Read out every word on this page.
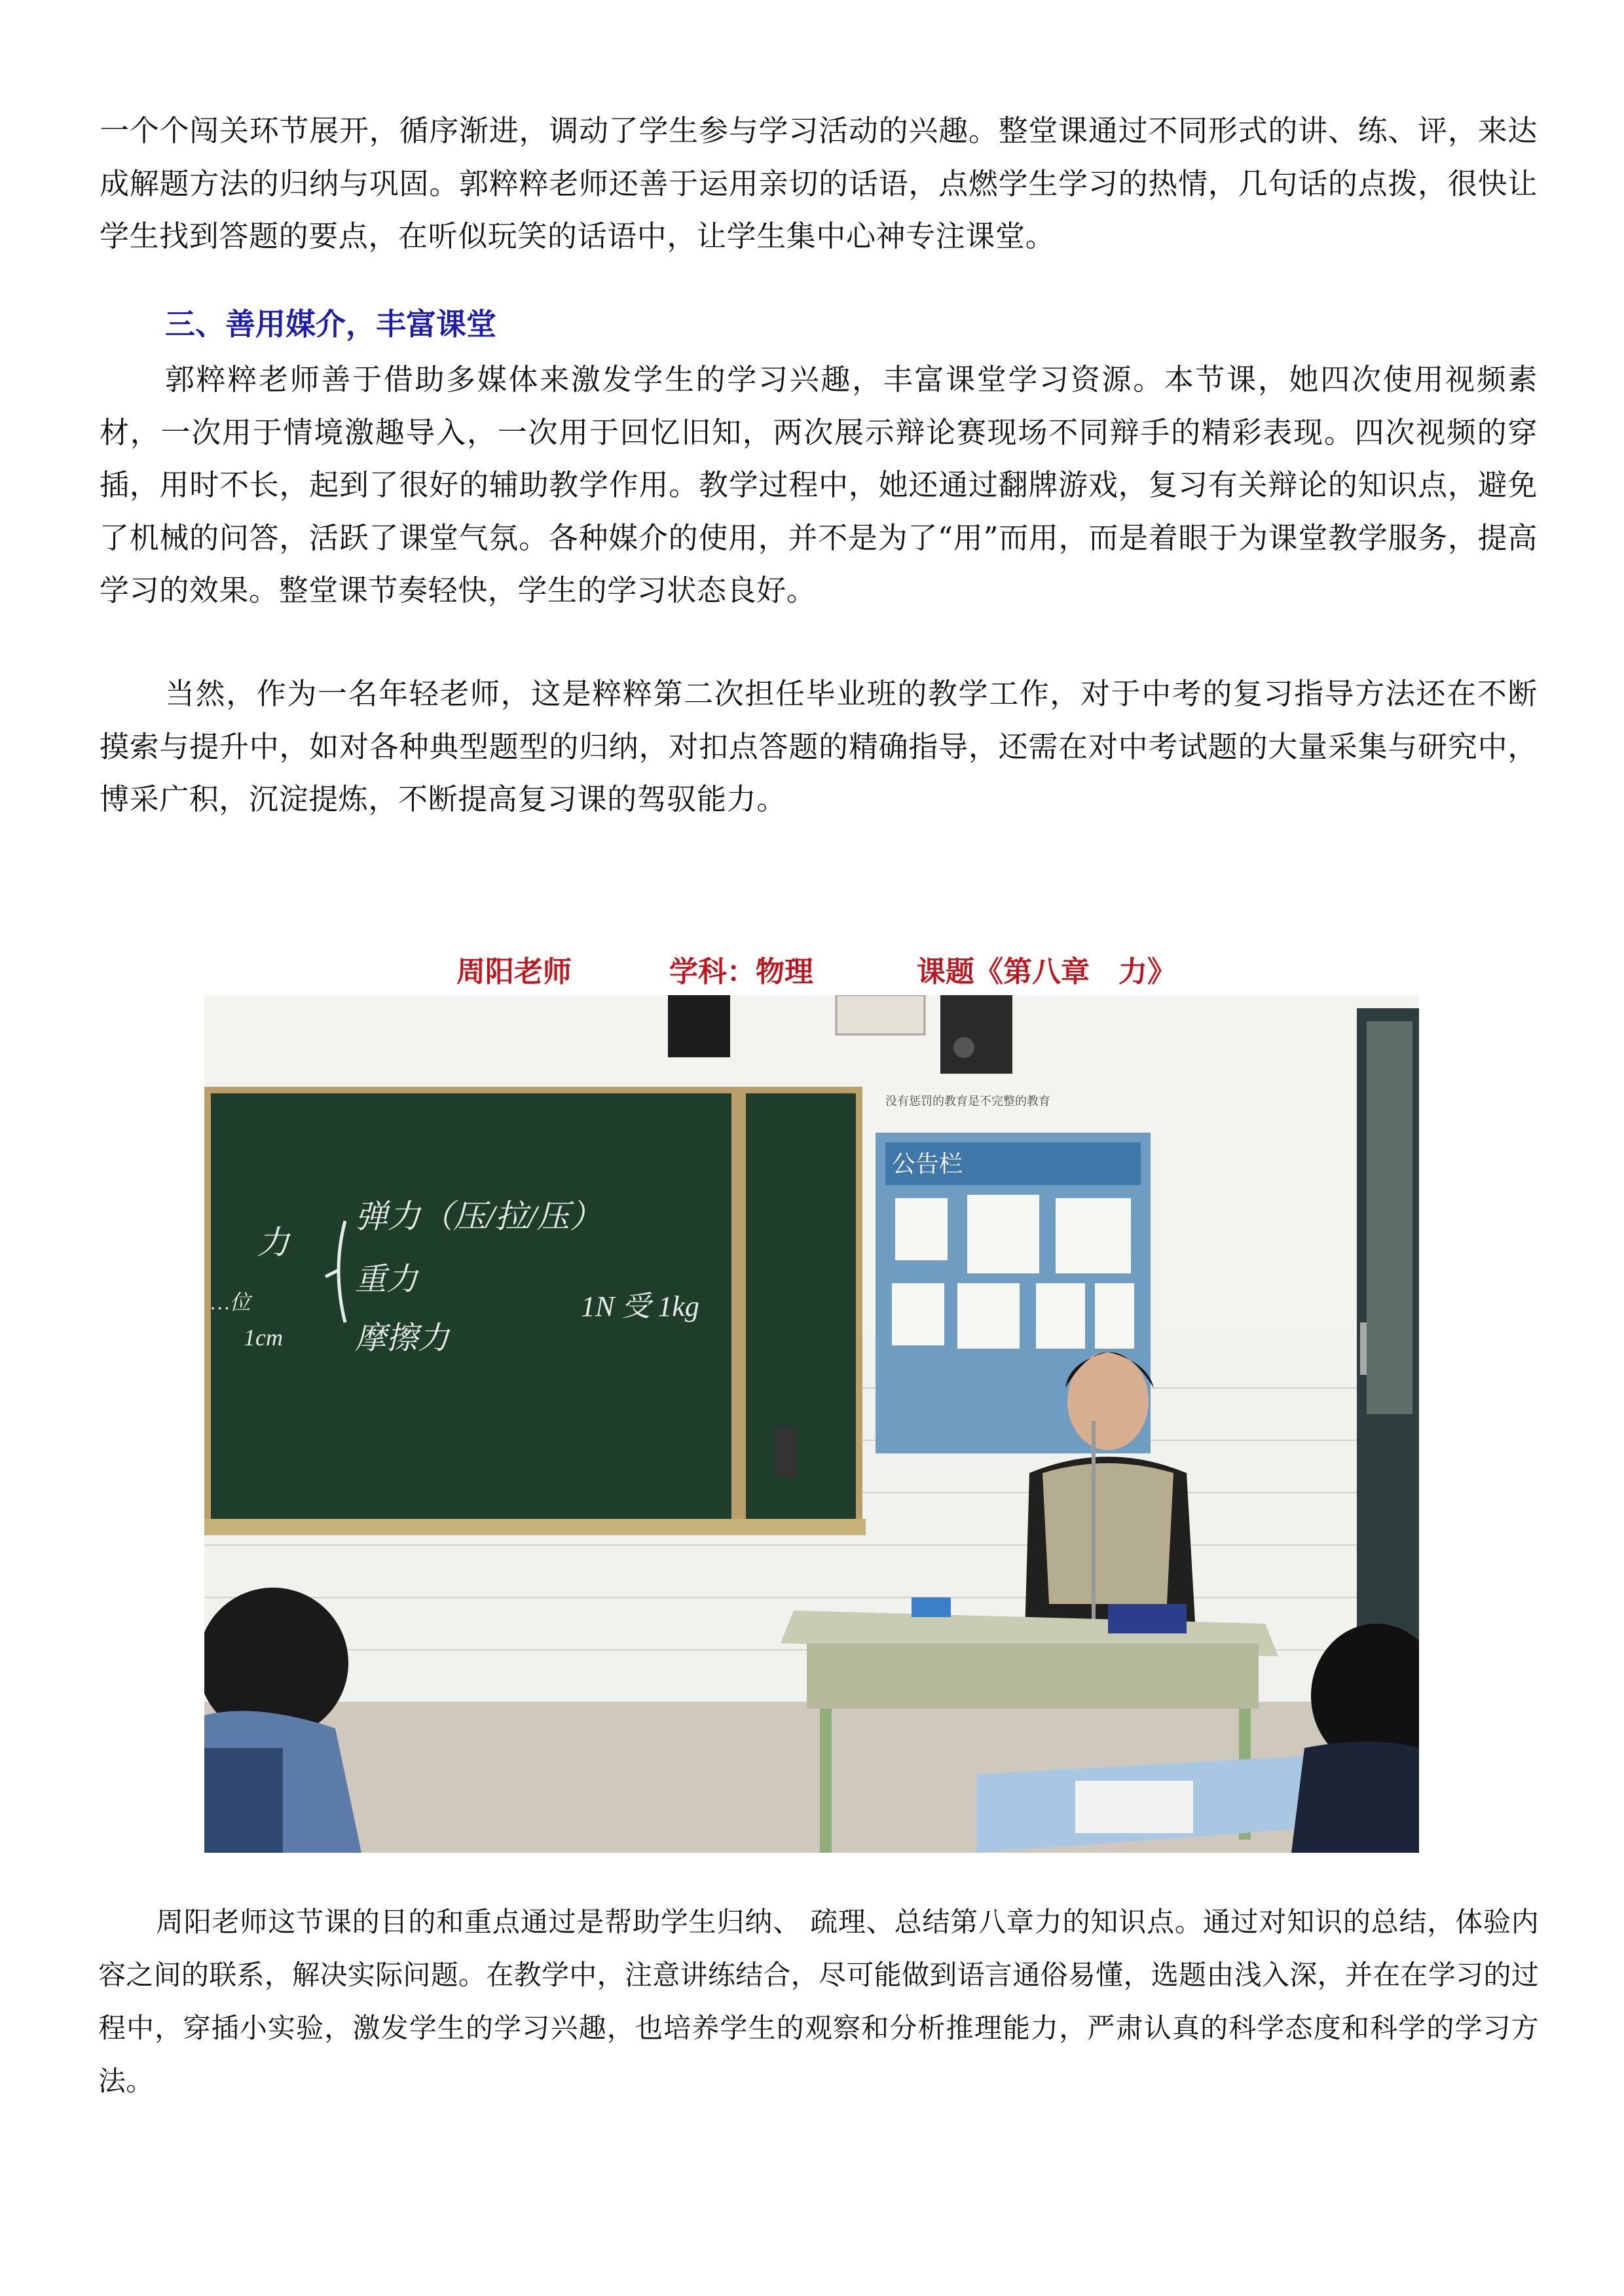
一个个闯关环节展开，循序渐进，调动了学生参与学习活动的兴趣。整堂课通过不同形式的讲、练、评，来达成解题方法的归纳与巩固。郭粹粹老师还善于运用亲切的话语，点燃学生学习的热情，几句话的点拨，很快让学生找到答题的要点，在听似玩笑的话语中，让学生集中心神专注课堂。

三、善用媒介，丰富课堂

郭粹粹老师善于借助多媒体来激发学生的学习兴趣，丰富课堂学习资源。本节课，她四次使用视频素材，一次用于情境激趣导入，一次用于回忆旧知，两次展示辩论赛现场不同辩手的精彩表现。四次视频的穿插，用时不长，起到了很好的辅助教学作用。教学过程中，她还通过翻牌游戏，复习有关辩论的知识点，避免了机械的问答，活跃了课堂气氛。各种媒介的使用，并不是为了“用”而用，而是着眼于为课堂教学服务，提高学习的效果。整堂课节奏轻快，学生的学习状态良好。

当然，作为一名年轻老师，这是粹粹第二次担任毕业班的教学工作，对于中考的复习指导方法还在不断摸索与提升中，如对各种典型题型的归纳，对扣点答题的精确指导，还需在对中考试题的大量采集与研究中，博采广积，沉淀提炼，不断提高复习课的驾驭能力。

周阳老师	学科：物理	课题《第八章　力》
力
弹力（压/拉/压）
重力
摩擦力
1N 受 1kg
…位
1cm
没有惩罚的教育是不完整的教育
公告栏

周阳老师这节课的目的和重点通过是帮助学生归纳、 疏理、总结第八章力的知识点。通过对知识的总结，体验内容之间的联系，解决实际问题。在教学中，注意讲练结合，尽可能做到语言通俗易懂，选题由浅入深，并在在学习的过程中，穿插小实验，激发学生的学习兴趣，也培养学生的观察和分析推理能力，严肃认真的科学态度和科学的学习方法。
